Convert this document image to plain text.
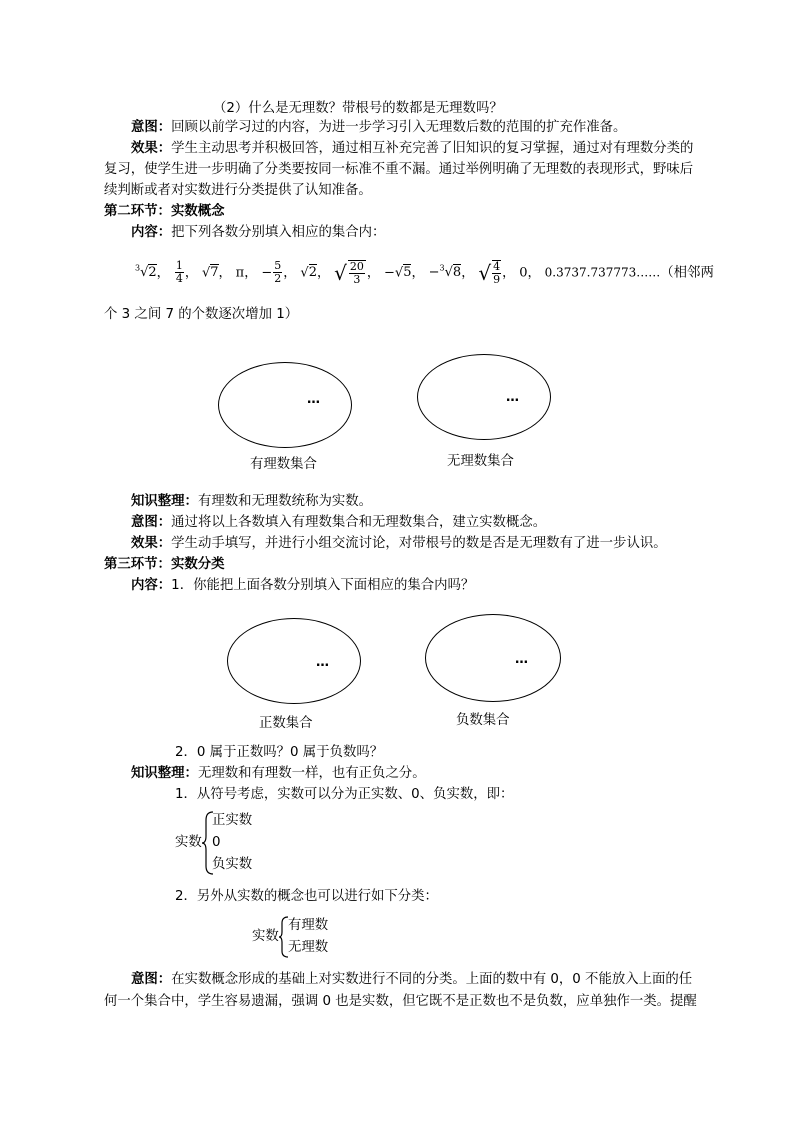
（2）什么是无理数？带根号的数都是无理数吗？
意图：回顾以前学习过的内容，为进一步学习引入无理数后数的范围的扩充作准备。
效果：学生主动思考并积极回答，通过相互补充完善了旧知识的复习掌握，通过对有理数分类的
复习，使学生进一步明确了分类要按同一标准不重不漏。通过举例明确了无理数的表现形式，野味后
续判断或者对实数进行分类提供了认知准备。
第二环节：实数概念
内容：把下列各数分别填入相应的集合内：
$^3$√2， $\frac{1}{4}$ ， √7， π， − $\frac{5}{2}$ ， √2， √ $\frac{20}{3}$ ， −√5， −$^3$√8， √ $\frac{4}{9}$ ， 0， 0.3737.737773……（相邻两
个 3 之间 7 的个数逐次增加 1）
…	…
有理数集合	无理数集合
知识整理：有理数和无理数统称为实数。
意图：通过将以上各数填入有理数集合和无理数集合，建立实数概念。
效果：学生动手填写，并进行小组交流讨论，对带根号的数是否是无理数有了进一步认识。
第三环节：实数分类
内容：1．你能把上面各数分别填入下面相应的集合内吗？
…	…
正数集合	负数集合
2．0 属于正数吗？0 属于负数吗？
知识整理：无理数和有理数一样，也有正负之分。
1．从符号考虑，实数可以分为正实数、0、负实数，即：
实数
正实数
0
负实数
2．另外从实数的概念也可以进行如下分类：
实数
有理数
无理数
意图：在实数概念形成的基础上对实数进行不同的分类。上面的数中有 0，0 不能放入上面的任
何一个集合中，学生容易遗漏，强调 0 也是实数，但它既不是正数也不是负数，应单独作一类。提醒
